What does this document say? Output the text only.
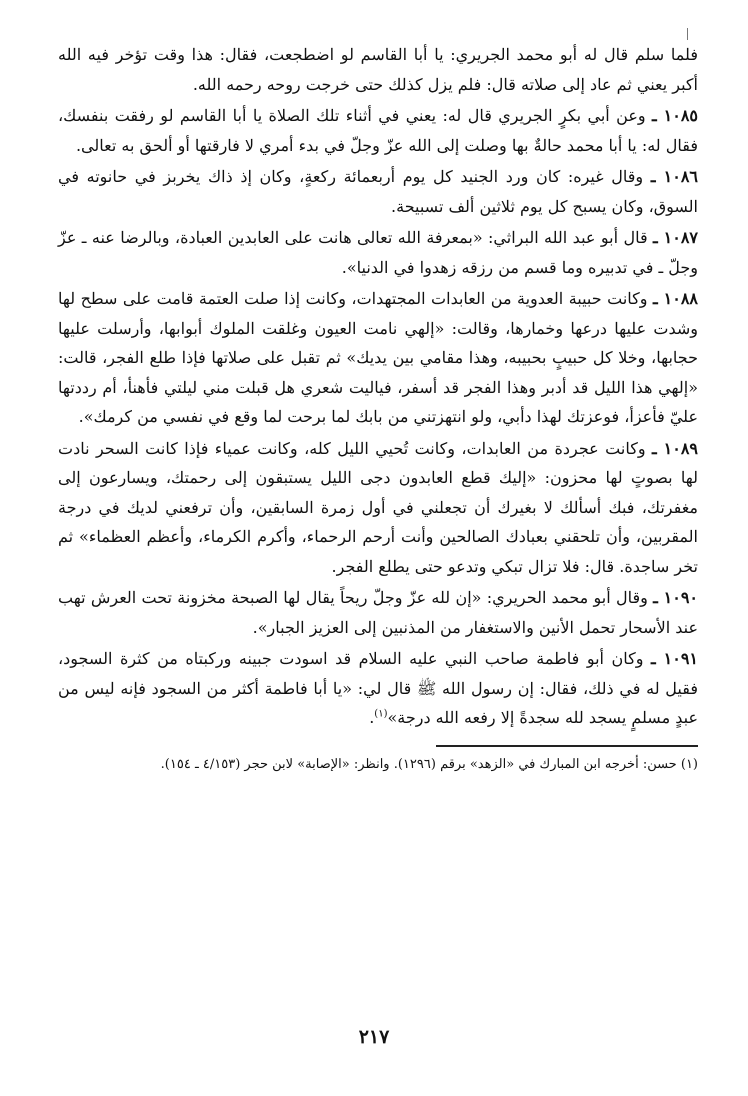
فلما سلم قال له أبو محمد الجريري: يا أبا القاسم لو اضطجعت، فقال: هذا وقت تؤخر فيه الله أكبر يعني ثم عاد إلى صلاته قال: فلم يزل كذلك حتى خرجت روحه رحمه الله.

١٠٨٥ ـ وعن أبي بكرٍ الجريري قال له: يعني في أثناء تلك الصلاة يا أبا القاسم لو رفقت بنفسك، فقال له: يا أبا محمد حالةٌ بها وصلت إلى الله عزّ وجلّ في بدء أمري لا فارقتها أو ألحق به تعالى.

١٠٨٦ ـ وقال غيره: كان ورد الجنيد كل يوم أربعمائة ركعةٍ، وكان إذ ذاك يخربز في حانوته في السوق، وكان يسبح كل يوم ثلاثين ألف تسبيحة.

١٠٨٧ ـ قال أبو عبد الله البراثي: «بمعرفة الله تعالى هانت على العابدين العبادة، وبالرضا عنه ـ عزّ وجلّ ـ في تدبيره وما قسم من رزقه زهدوا في الدنيا».

١٠٨٨ ـ وكانت حبيبة العدوية من العابدات المجتهدات، وكانت إذا صلت العتمة قامت على سطح لها وشدت عليها درعها وخمارها، وقالت: «إلهي نامت العيون وغلقت الملوك أبوابها، وأرسلت عليها حجابها، وخلا كل حبيبٍ بحبيبه، وهذا مقامي بين يديك» ثم تقبل على صلاتها فإذا طلع الفجر، قالت: «إلهي هذا الليل قد أدبر وهذا الفجر قد أسفر، فياليت شعري هل قبلت مني ليلتي فأهنأ، أم رددتها عليّ فأعزأ، فوعزتك لهذا دأبي، ولو انتهزتني من بابك لما برحت لما وقع في نفسي من كرمك».

١٠٨٩ ـ وكانت عجردة من العابدات، وكانت تُحيي الليل كله، وكانت عمياء فإذا كانت السحر نادت لها بصوتٍ لها محزون: «إليك قطع العابدون دجى الليل يستبقون إلى رحمتك، ويسارعون إلى مغفرتك، فبك أسألك لا بغيرك أن تجعلني في أول زمرة السابقين، وأن ترفعني لديك في درجة المقربين، وأن تلحقني بعبادك الصالحين وأنت أرحم الرحماء، وأكرم الكرماء، وأعظم العظماء» ثم تخر ساجدة. قال: فلا تزال تبكي وتدعو حتى يطلع الفجر.

١٠٩٠ ـ وقال أبو محمد الحريري: «إن لله عزّ وجلّ ريحاً يقال لها الصبحة مخزونة تحت العرش تهب عند الأسحار تحمل الأنين والاستغفار من المذنبين إلى العزيز الجبار».

١٠٩١ ـ وكان أبو فاطمة صاحب النبي عليه السلام قد اسودت جبينه وركبتاه من كثرة السجود، فقيل له في ذلك، فقال: إن رسول الله ﷺ قال لي: «يا أبا فاطمة أكثر من السجود فإنه ليس من عبدٍ مسلمٍ يسجد لله سجدةً إلا رفعه الله درجة»$^{(١)}$.

(١) حسن: أخرجه ابن المبارك في «الزهد» برقم (١٢٩٦). وانظر: «الإصابة» لابن حجر (٤/١٥٣ ـ ١٥٤).

٢١٧
